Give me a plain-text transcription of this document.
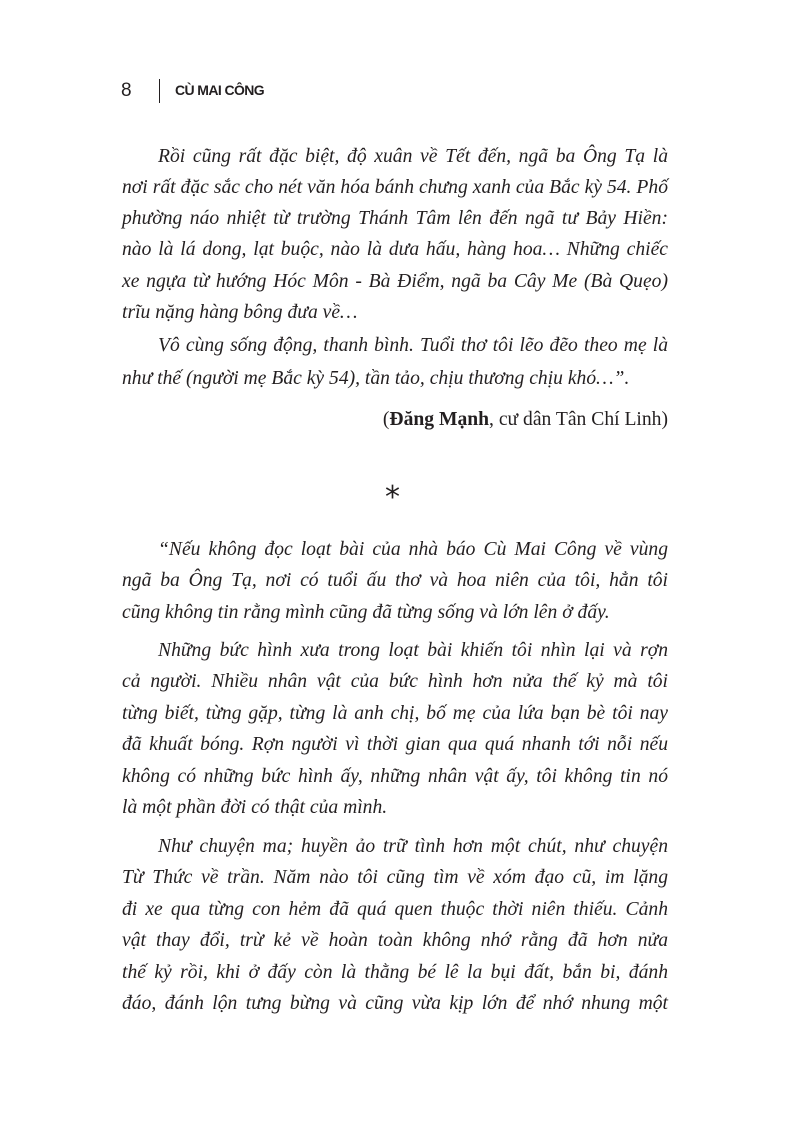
8	CÙ MAI CÔNG
Rồi cũng rất đặc biệt, độ xuân về Tết đến, ngã ba Ông Tạ là
nơi rất đặc sắc cho nét văn hóa bánh chưng xanh của Bắc kỳ 54. Phố
phường náo nhiệt từ trường Thánh Tâm lên đến ngã tư Bảy Hiền:
nào là lá dong, lạt buộc, nào là dưa hấu, hàng hoa… Những chiếc
xe ngựa từ hướng Hóc Môn - Bà Điểm, ngã ba Cây Me (Bà Quẹo)
trĩu nặng hàng bông đưa về…
Vô cùng sống động, thanh bình. Tuổi thơ tôi lẽo đẽo theo mẹ là
như thế (người mẹ Bắc kỳ 54), tần tảo, chịu thương chịu khó…”.
“Nếu không đọc loạt bài của nhà báo Cù Mai Công về vùng
ngã ba Ông Tạ, nơi có tuổi ấu thơ và hoa niên của tôi, hẳn tôi
cũng không tin rằng mình cũng đã từng sống và lớn lên ở đấy.
Những bức hình xưa trong loạt bài khiến tôi nhìn lại và rợn
cả người. Nhiều nhân vật của bức hình hơn nửa thế kỷ mà tôi
từng biết, từng gặp, từng là anh chị, bố mẹ của lứa bạn bè tôi nay
đã khuất bóng. Rợn người vì thời gian qua quá nhanh tới nỗi nếu
không có những bức hình ấy, những nhân vật ấy, tôi không tin nó
là một phần đời có thật của mình.
Như chuyện ma; huyền ảo trữ tình hơn một chút, như chuyện
Từ Thức về trần. Năm nào tôi cũng tìm về xóm đạo cũ, im lặng
đi xe qua từng con hẻm đã quá quen thuộc thời niên thiếu. Cảnh
vật thay đổi, trừ kẻ về hoàn toàn không nhớ rằng đã hơn nửa
thế kỷ rồi, khi ở đấy còn là thằng bé lê la bụi đất, bắn bi, đánh
đáo, đánh lộn tưng bừng và cũng vừa kịp lớn để nhớ nhung một
(Đăng Mạnh, cư dân Tân Chí Linh)
*
